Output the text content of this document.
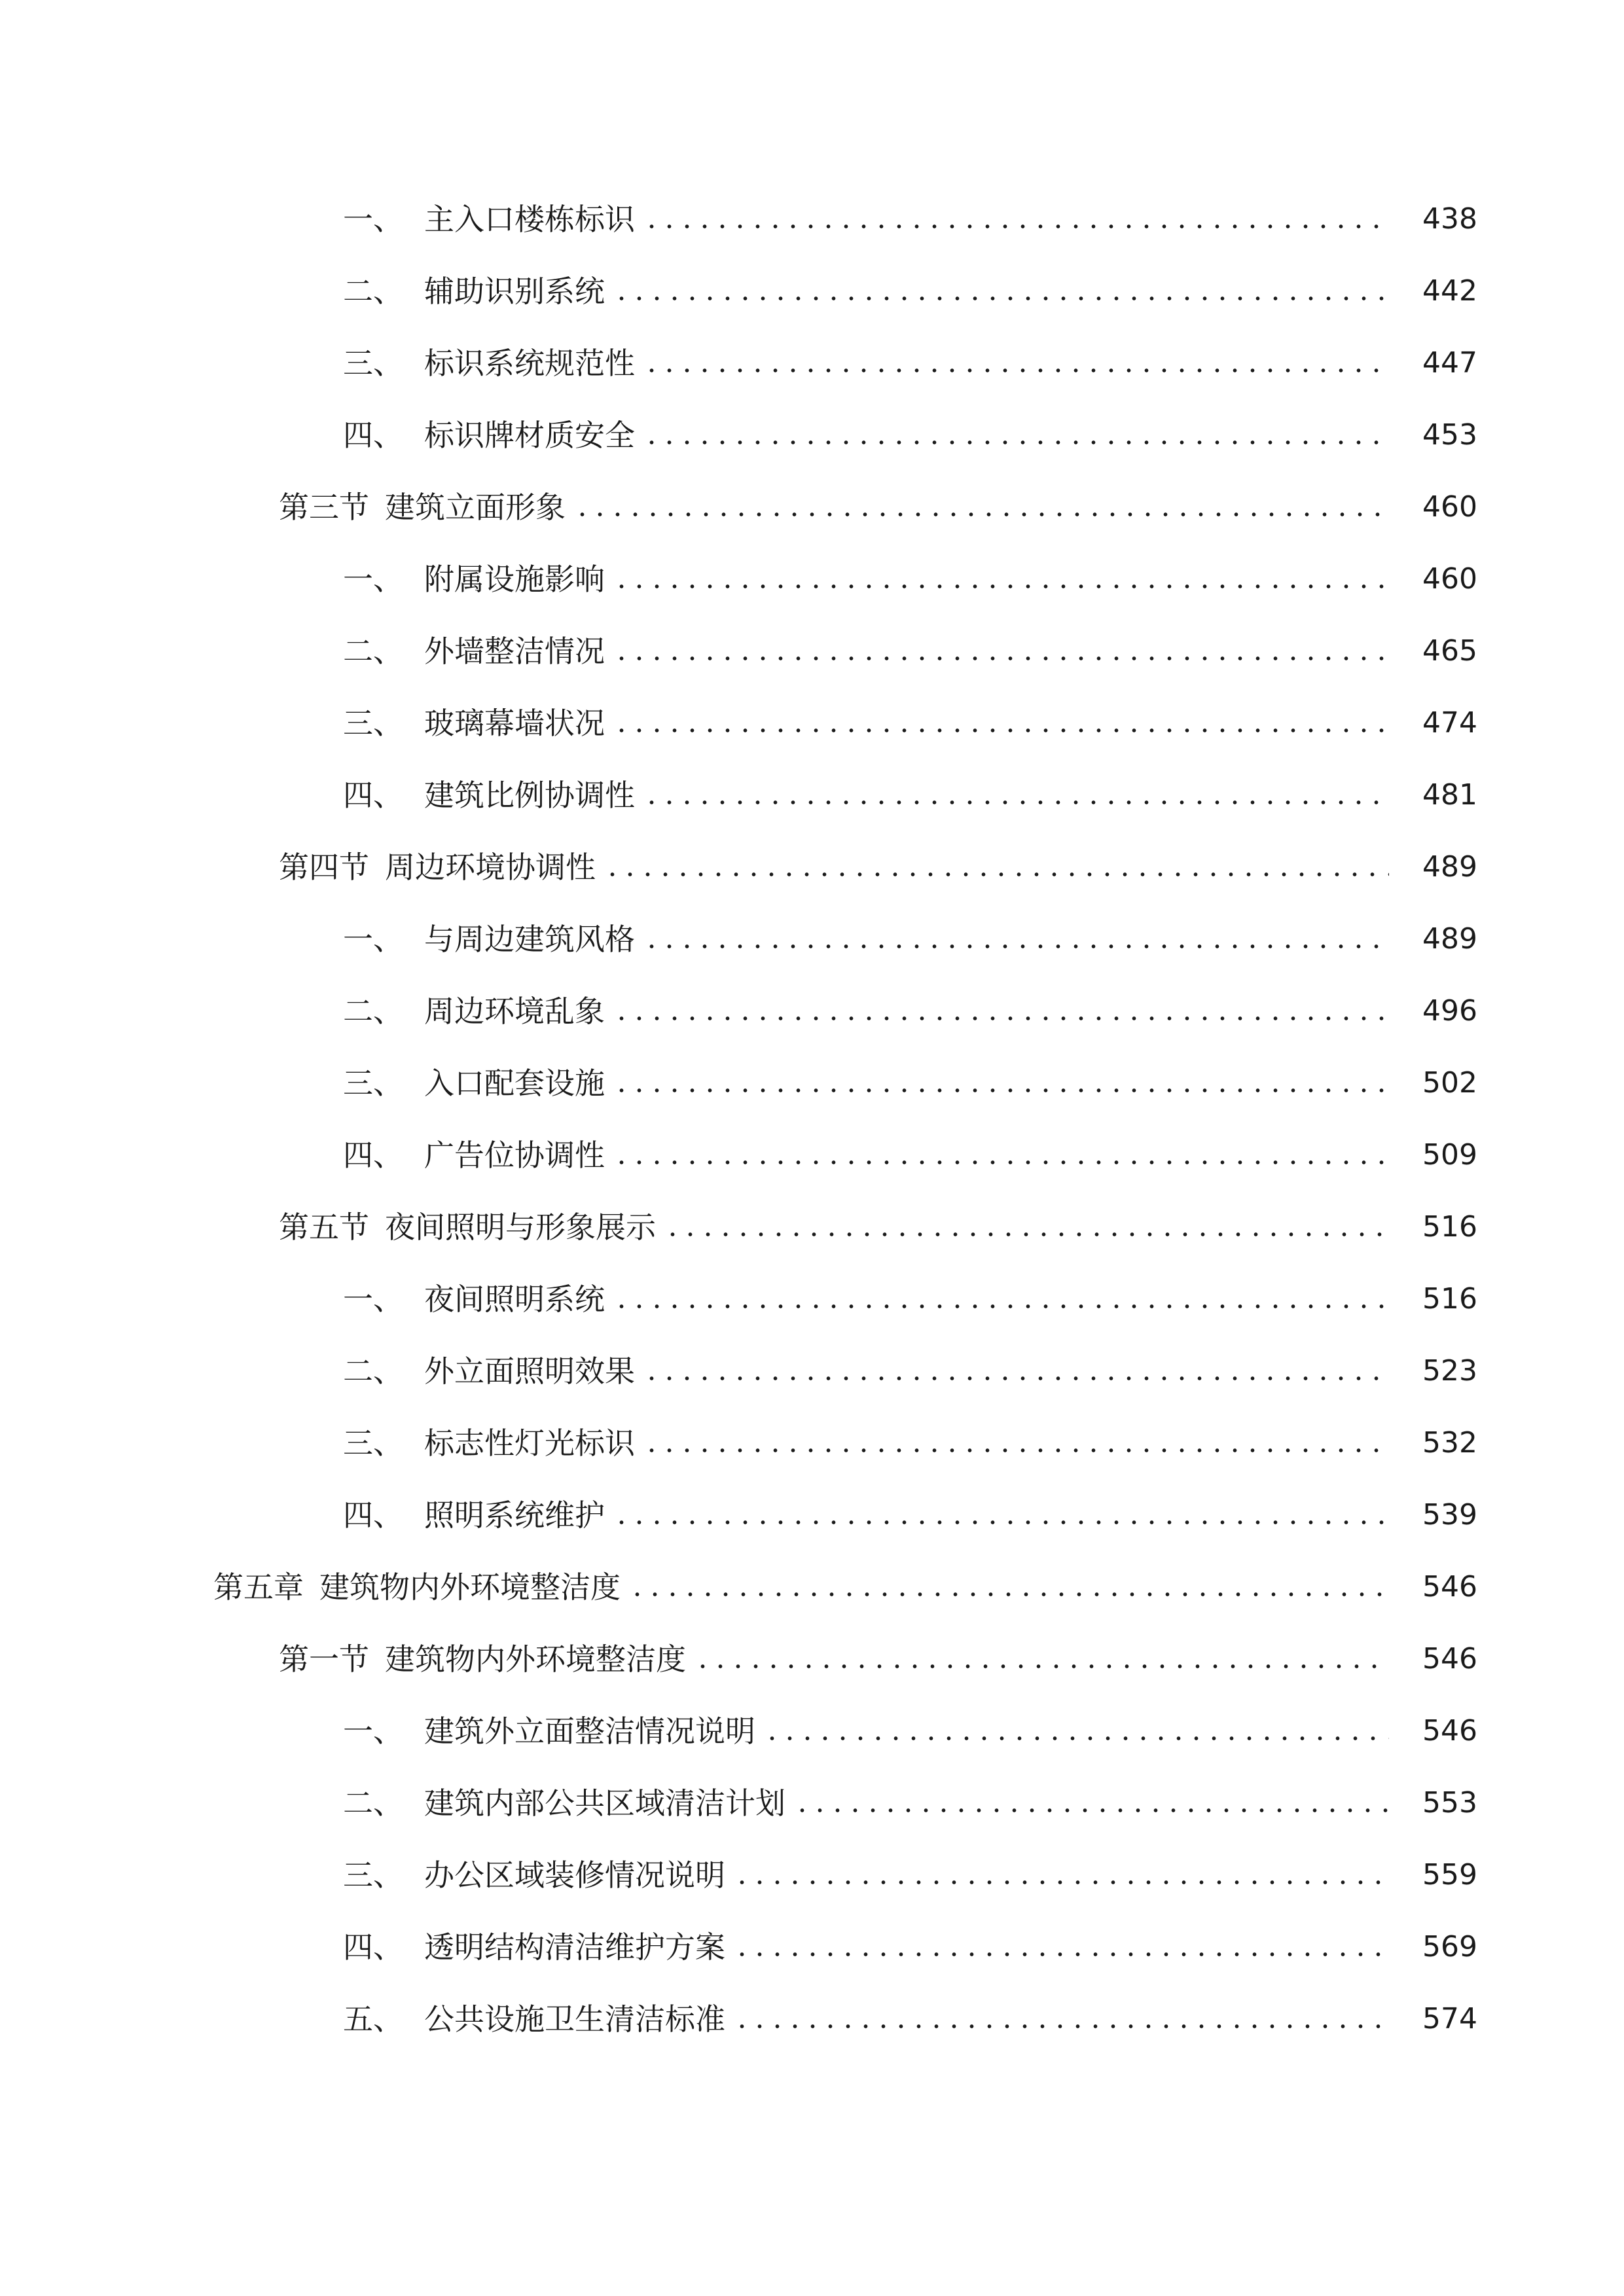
一、 主入口楼栋标识	438
二、 辅助识别系统	442
三、 标识系统规范性	447
四、 标识牌材质安全	453
第三节 建筑立面形象	460
一、 附属设施影响	460
二、 外墙整洁情况	465
三、 玻璃幕墙状况	474
四、 建筑比例协调性	481
第四节 周边环境协调性	489
一、 与周边建筑风格	489
二、 周边环境乱象	496
三、 入口配套设施	502
四、 广告位协调性	509
第五节 夜间照明与形象展示	516
一、 夜间照明系统	516
二、 外立面照明效果	523
三、 标志性灯光标识	532
四、 照明系统维护	539
第五章 建筑物内外环境整洁度	546
第一节 建筑物内外环境整洁度	546
一、 建筑外立面整洁情况说明	546
二、 建筑内部公共区域清洁计划	553
三、 办公区域装修情况说明	559
四、 透明结构清洁维护方案	569
五、 公共设施卫生清洁标准	574
